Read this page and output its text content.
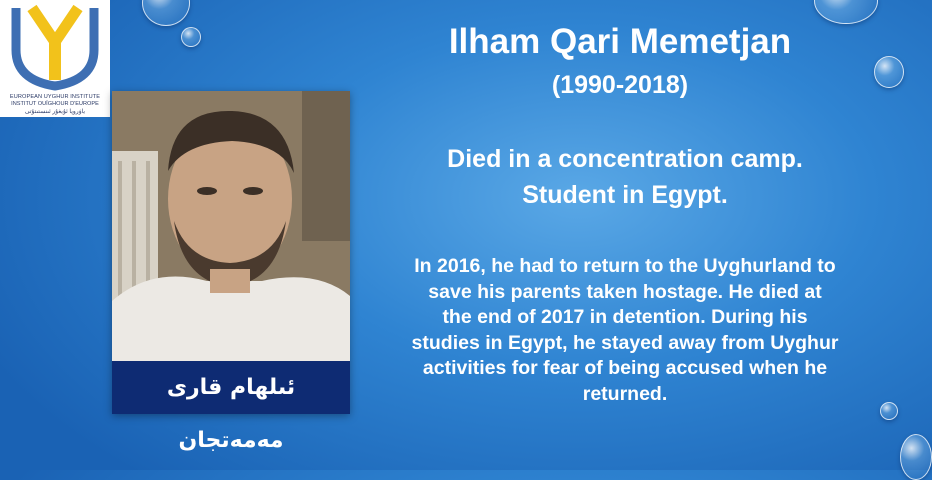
EUROPEAN UYGHUR INSTITUTE
INSTITUT OUÏGHOUR D'EUROPE
ياۋروپا ئۇيغۇر ئىنستىتۇتى
ئىلھام قارى مەمەتجان
Ilham Qari Memetjan
(1990-2018)
Died in a concentration camp.
Student in Egypt.
In 2016, he had to return to the Uyghurland to
save his parents taken hostage. He died at
the end of 2017 in detention. During his
studies in Egypt, he stayed away from Uyghur
activities for fear of being accused when he
returned.
